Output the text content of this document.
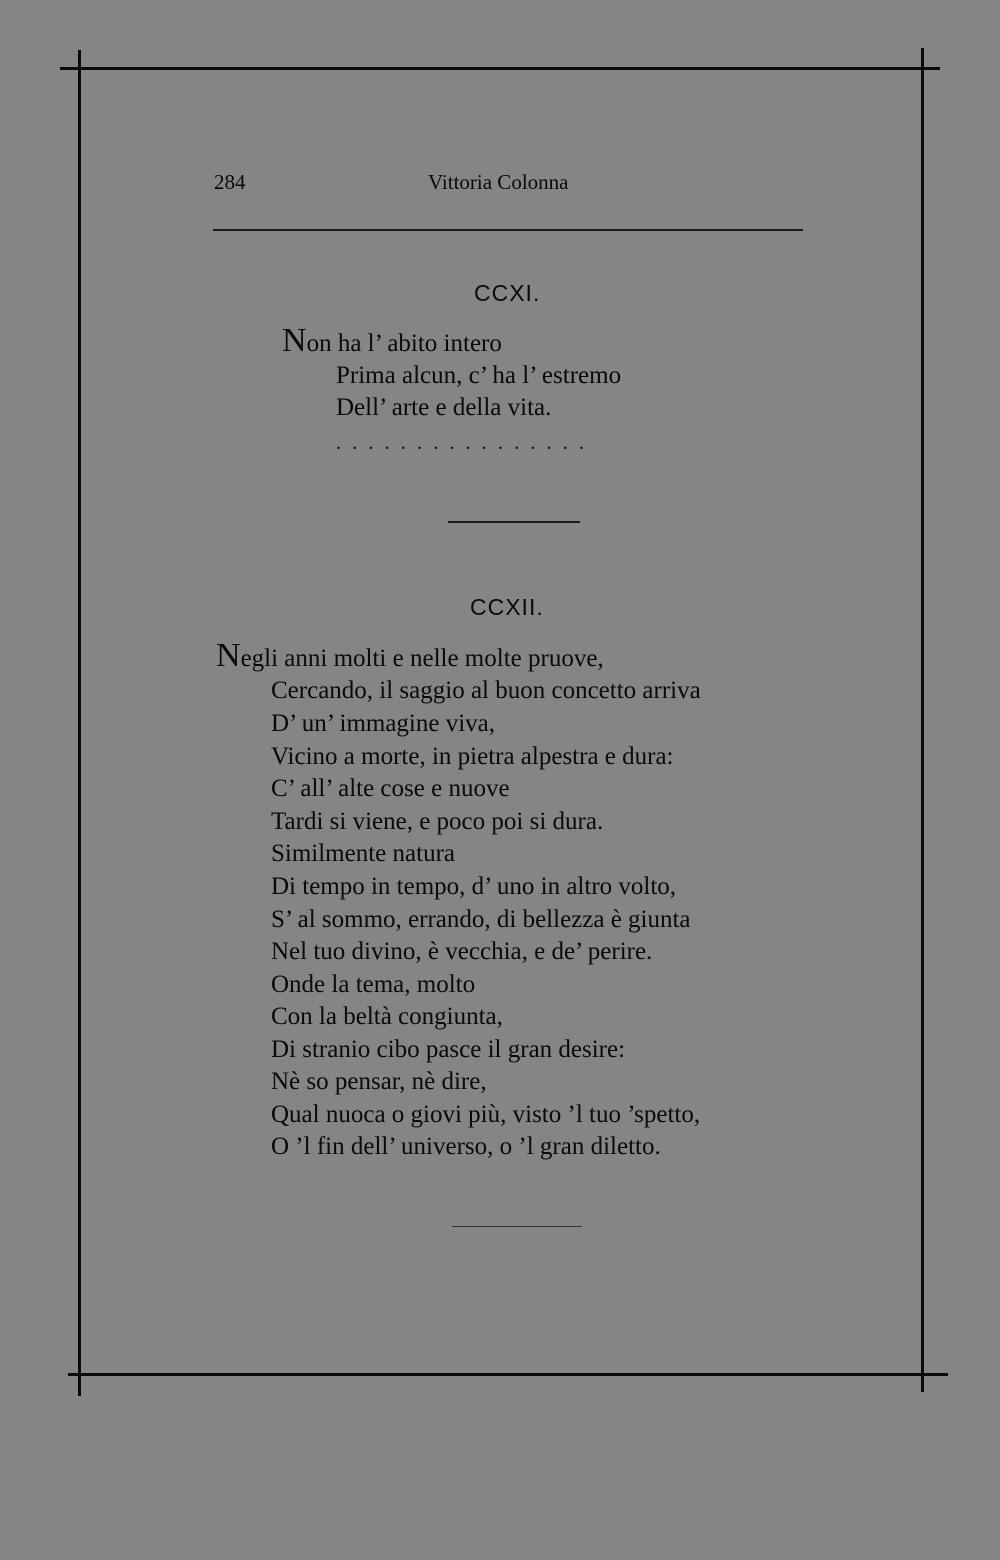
284	Vittoria Colonna
CCXI.
Non ha l’ abito intero
Prima alcun, c’ ha l’ estremo
Dell’ arte e della vita.
................
CCXII.
Negli anni molti e nelle molte pruove,
Cercando, il saggio al buon concetto arriva
D’ un’ immagine viva,
Vicino a morte, in pietra alpestra e dura:
C’ all’ alte cose e nuove
Tardi si viene, e poco poi si dura.
Similmente natura
Di tempo in tempo, d’ uno in altro volto,
S’ al sommo, errando, di bellezza è giunta
Nel tuo divino, è vecchia, e de’ perire.
Onde la tema, molto
Con la beltà congiunta,
Di stranio cibo pasce il gran desire:
Nè so pensar, nè dire,
Qual nuoca o giovi più, visto ’l tuo ’spetto,
O ’l fin dell’ universo, o ’l gran diletto.
